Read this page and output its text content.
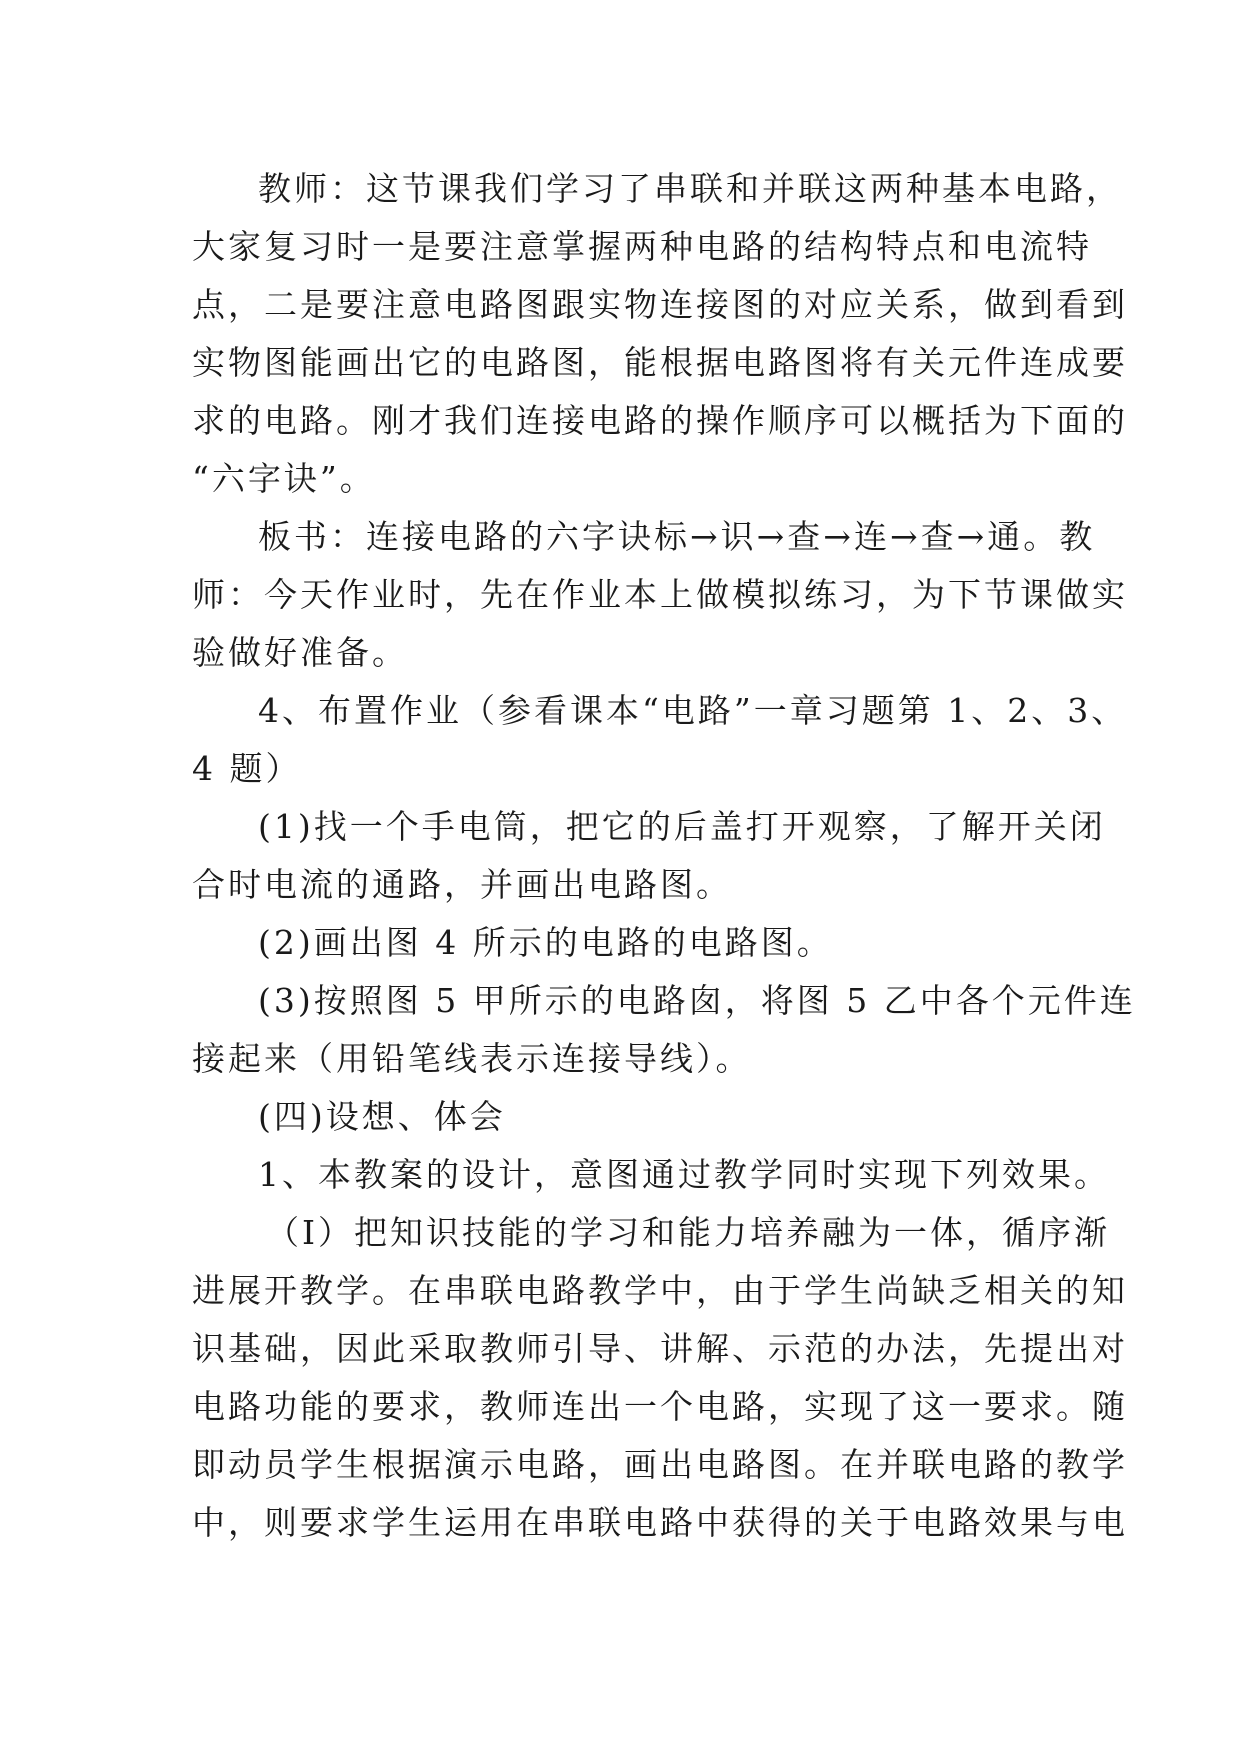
教师：这节课我们学习了串联和并联这两种基本电路，
大家复习时一是要注意掌握两种电路的结构特点和电流特
点，二是要注意电路图跟实物连接图的对应关系，做到看到
实物图能画出它的电路图，能根据电路图将有关元件连成要
求的电路。刚才我们连接电路的操作顺序可以概括为下面的
“六字诀”。
板书：连接电路的六字诀标→识→查→连→查→通。教
师：今天作业时，先在作业本上做模拟练习，为下节课做实
验做好准备。
4、布置作业（参看课本“电路”一章习题第 1、2、3、
4 题）
(1)找一个手电筒，把它的后盖打开观察，了解开关闭
合时电流的通路，并画出电路图。
(2)画出图 4 所示的电路的电路图。
(3)按照图 5 甲所示的电路囱，将图 5 乙中各个元件连
接起来（用铅笔线表示连接导线）。
(四)设想、体会
1、本教案的设计，意图通过教学同时实现下列效果。
（I）把知识技能的学习和能力培养融为一体，循序渐
进展开教学。在串联电路教学中，由于学生尚缺乏相关的知
识基础，因此采取教师引导、讲解、示范的办法，先提出对
电路功能的要求，教师连出一个电路，实现了这一要求。随
即动员学生根据演示电路，画出电路图。在并联电路的教学
中，则要求学生运用在串联电路中获得的关于电路效果与电
